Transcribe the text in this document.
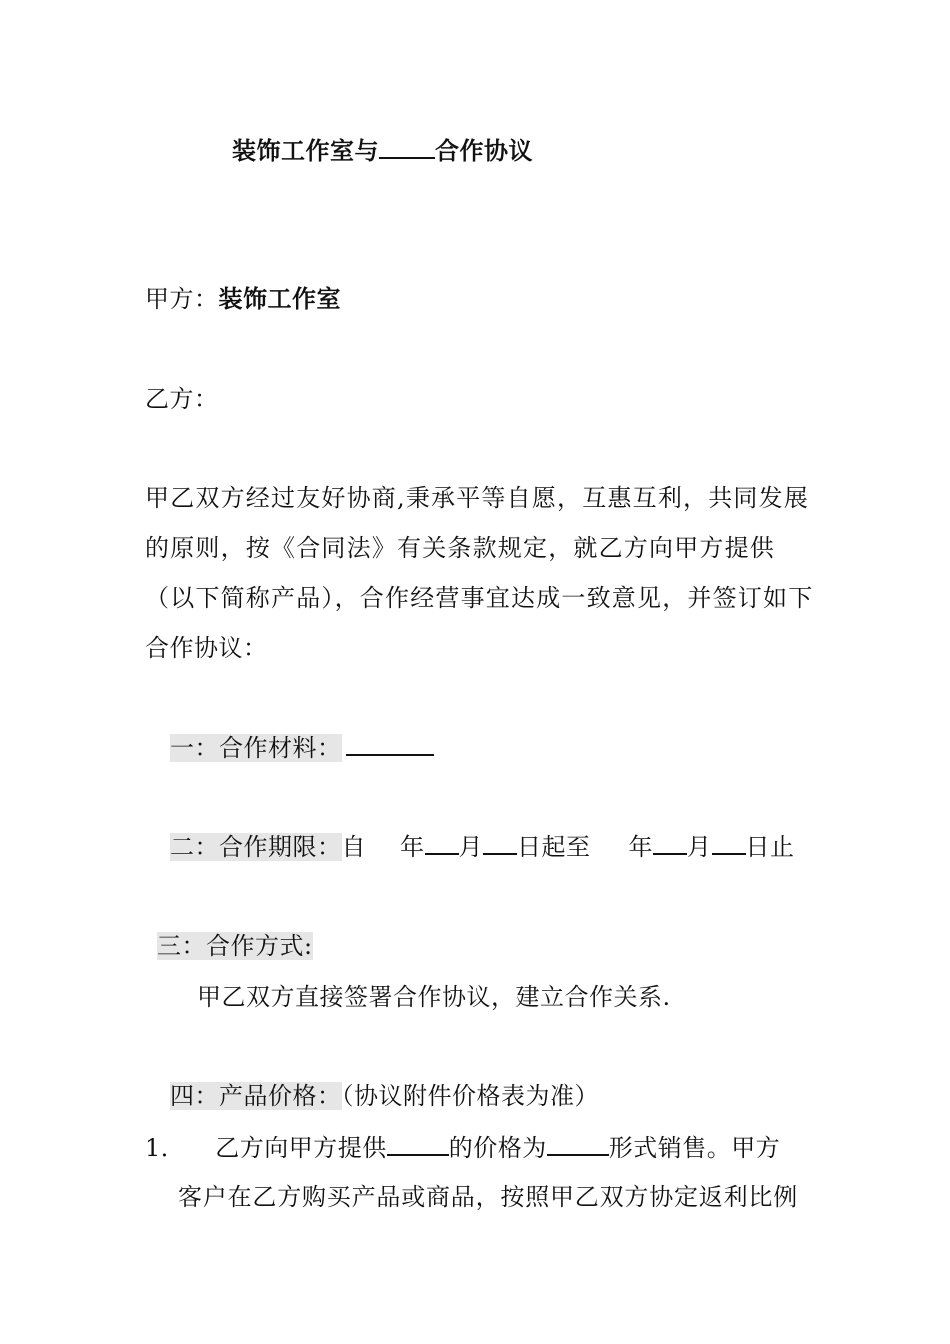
装饰工作室与 合作协议
甲方：装饰工作室
乙方：
甲乙双方经过友好协商,秉承平等自愿，互惠互利，共同发展
的原则，按《合同法》有关条款规定，就乙方向甲方提供
（以下简称产品），合作经营事宜达成一致意见，并签订如下
合作协议：
一：合作材料：
二：合作期限：自 年 月 日起至 年 月 日止
三：合作方式:
甲乙双方直接签署合作协议，建立合作关系.
四：产品价格：（协议附件价格表为准）
1． 乙方向甲方提供	的价格为	形式销售。甲方
客户在乙方购买产品或商品，按照甲乙双方协定返利比例
